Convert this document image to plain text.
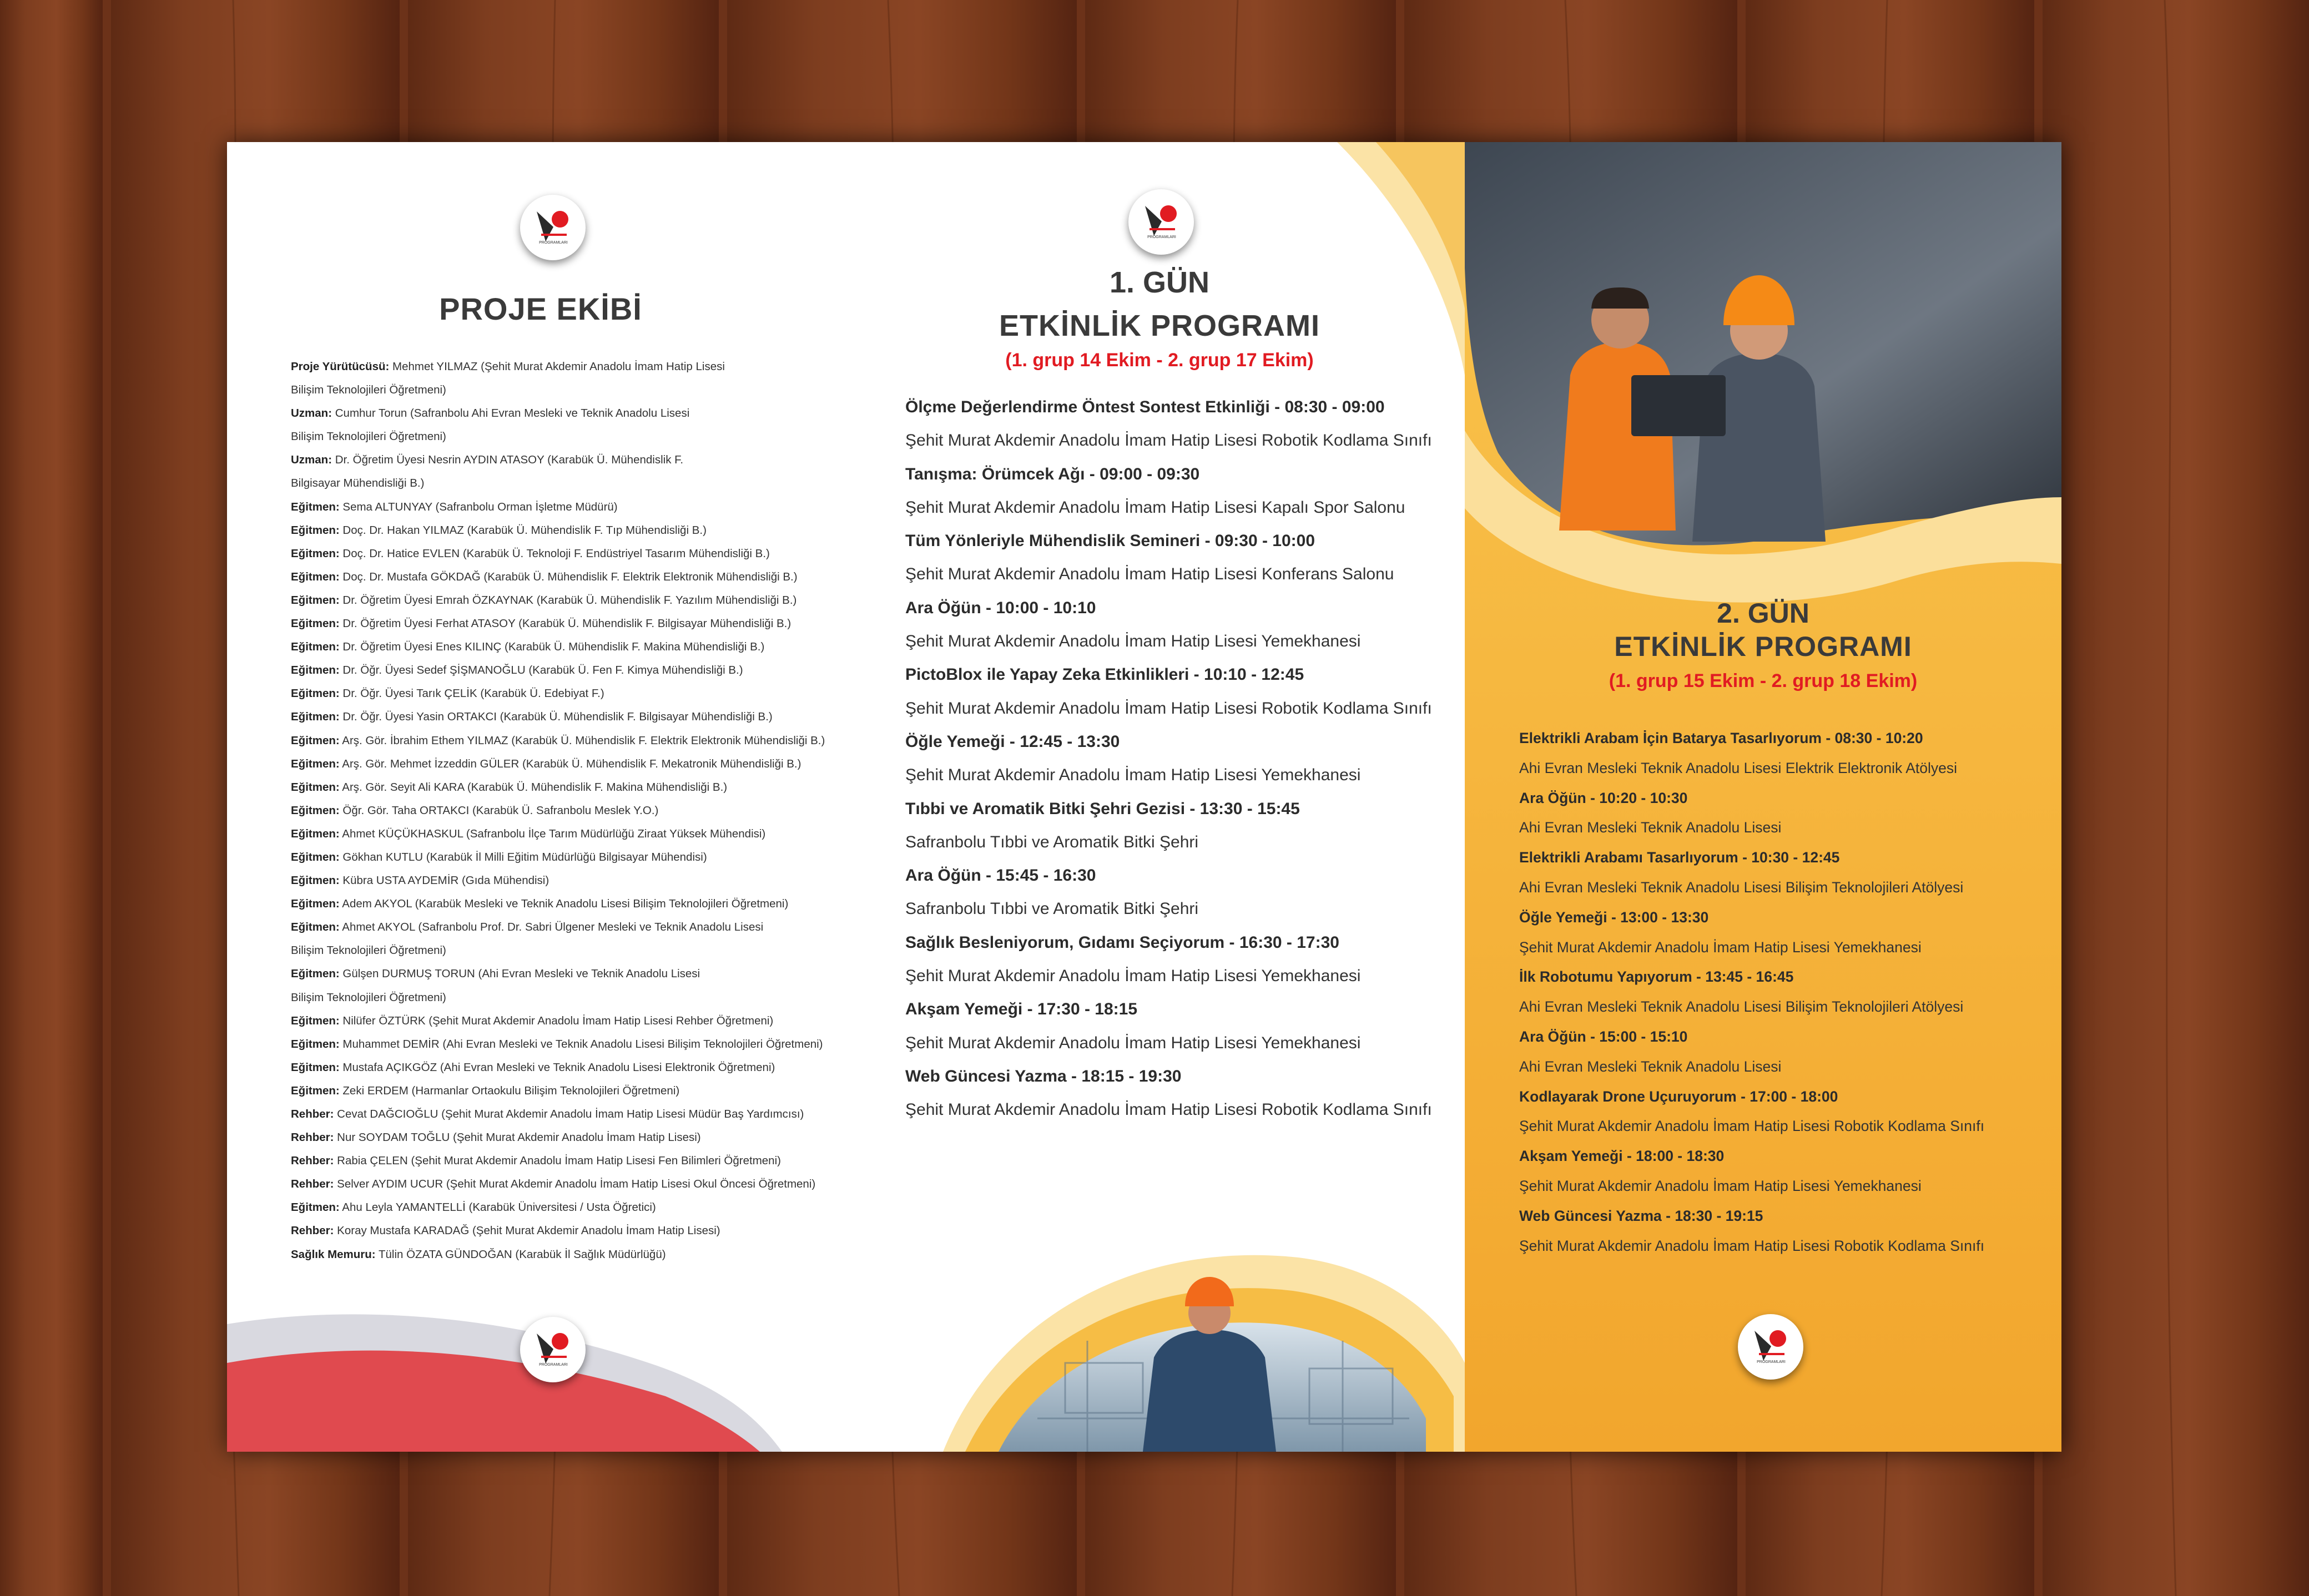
PROGRAMLARI
PROJE EKİBİ
Proje Yürütücüsü: Mehmet YILMAZ (Şehit Murat Akdemir Anadolu İmam Hatip Lisesi
Bilişim Teknolojileri Öğretmeni)
Uzman: Cumhur Torun (Safranbolu Ahi Evran Mesleki ve Teknik Anadolu Lisesi
Bilişim Teknolojileri Öğretmeni)
Uzman: Dr. Öğretim Üyesi Nesrin AYDIN ATASOY (Karabük Ü. Mühendislik F.
Bilgisayar Mühendisliği B.)
Eğitmen: Sema ALTUNYAY (Safranbolu Orman İşletme Müdürü)
Eğitmen: Doç. Dr. Hakan YILMAZ (Karabük Ü. Mühendislik F. Tıp Mühendisliği B.)
Eğitmen: Doç. Dr. Hatice EVLEN (Karabük Ü. Teknoloji F. Endüstriyel Tasarım Mühendisliği B.)
Eğitmen: Doç. Dr. Mustafa GÖKDAĞ (Karabük Ü. Mühendislik F. Elektrik Elektronik Mühendisliği B.)
Eğitmen: Dr. Öğretim Üyesi Emrah ÖZKAYNAK (Karabük Ü. Mühendislik F. Yazılım Mühendisliği B.)
Eğitmen: Dr. Öğretim Üyesi Ferhat ATASOY (Karabük Ü. Mühendislik F. Bilgisayar Mühendisliği B.)
Eğitmen: Dr. Öğretim Üyesi Enes KILINÇ (Karabük Ü. Mühendislik F. Makina Mühendisliği B.)
Eğitmen: Dr. Öğr. Üyesi Sedef ŞİŞMANOĞLU (Karabük Ü. Fen F. Kimya Mühendisliği B.)
Eğitmen: Dr. Öğr. Üyesi Tarık ÇELİK (Karabük Ü. Edebiyat F.)
Eğitmen: Dr. Öğr. Üyesi Yasin ORTAKCI (Karabük Ü. Mühendislik F. Bilgisayar Mühendisliği B.)
Eğitmen: Arş. Gör. İbrahim Ethem YILMAZ (Karabük Ü. Mühendislik F. Elektrik Elektronik Mühendisliği B.)
Eğitmen: Arş. Gör. Mehmet İzzeddin GÜLER (Karabük Ü. Mühendislik F. Mekatronik Mühendisliği B.)
Eğitmen: Arş. Gör. Seyit Ali KARA (Karabük Ü. Mühendislik F. Makina Mühendisliği B.)
Eğitmen: Öğr. Gör. Taha ORTAKCI (Karabük Ü. Safranbolu Meslek Y.O.)
Eğitmen: Ahmet KÜÇÜKHASKUL (Safranbolu İlçe Tarım Müdürlüğü Ziraat Yüksek Mühendisi)
Eğitmen: Gökhan KUTLU (Karabük İl Milli Eğitim Müdürlüğü Bilgisayar Mühendisi)
Eğitmen: Kübra USTA AYDEMİR (Gıda Mühendisi)
Eğitmen: Adem AKYOL (Karabük Mesleki ve Teknik Anadolu Lisesi Bilişim Teknolojileri Öğretmeni)
Eğitmen: Ahmet AKYOL (Safranbolu Prof. Dr. Sabri Ülgener Mesleki ve Teknik Anadolu Lisesi
Bilişim Teknolojileri Öğretmeni)
Eğitmen: Gülşen DURMUŞ TORUN (Ahi Evran Mesleki ve Teknik Anadolu Lisesi
Bilişim Teknolojileri Öğretmeni)
Eğitmen: Nilüfer ÖZTÜRK (Şehit Murat Akdemir Anadolu İmam Hatip Lisesi Rehber Öğretmeni)
Eğitmen: Muhammet DEMİR (Ahi Evran Mesleki ve Teknik Anadolu Lisesi Bilişim Teknolojileri Öğretmeni)
Eğitmen: Mustafa AÇIKGÖZ (Ahi Evran Mesleki ve Teknik Anadolu Lisesi Elektronik Öğretmeni)
Eğitmen: Zeki ERDEM (Harmanlar Ortaokulu Bilişim Teknolojileri Öğretmeni)
Rehber: Cevat DAĞCIOĞLU (Şehit Murat Akdemir Anadolu İmam Hatip Lisesi Müdür Baş Yardımcısı)
Rehber: Nur SOYDAM TOĞLU (Şehit Murat Akdemir Anadolu İmam Hatip Lisesi)
Rehber: Rabia ÇELEN (Şehit Murat Akdemir Anadolu İmam Hatip Lisesi Fen Bilimleri Öğretmeni)
Rehber: Selver AYDIM UCUR (Şehit Murat Akdemir Anadolu İmam Hatip Lisesi Okul Öncesi Öğretmeni)
Eğitmen: Ahu Leyla YAMANTELLİ (Karabük Üniversitesi / Usta Öğretici)
Rehber: Koray Mustafa KARADAĞ (Şehit Murat Akdemir Anadolu İmam Hatip Lisesi)
Sağlık Memuru: Tülin ÖZATA GÜNDOĞAN (Karabük İl Sağlık Müdürlüğü)
PROGRAMLARI
PROGRAMLARI
1. GÜN
ETKİNLİK PROGRAMI
(1. grup 14 Ekim - 2. grup 17 Ekim)
Ölçme Değerlendirme Öntest Sontest Etkinliği - 08:30 - 09:00
Şehit Murat Akdemir Anadolu İmam Hatip Lisesi Robotik Kodlama Sınıfı
Tanışma: Örümcek Ağı - 09:00 - 09:30
Şehit Murat Akdemir Anadolu İmam Hatip Lisesi Kapalı Spor Salonu
Tüm Yönleriyle Mühendislik Semineri - 09:30 - 10:00
Şehit Murat Akdemir Anadolu İmam Hatip Lisesi Konferans Salonu
Ara Öğün - 10:00 - 10:10
Şehit Murat Akdemir Anadolu İmam Hatip Lisesi Yemekhanesi
PictoBlox ile Yapay Zeka Etkinlikleri - 10:10 - 12:45
Şehit Murat Akdemir Anadolu İmam Hatip Lisesi Robotik Kodlama Sınıfı
Öğle Yemeği - 12:45 - 13:30
Şehit Murat Akdemir Anadolu İmam Hatip Lisesi Yemekhanesi
Tıbbi ve Aromatik Bitki Şehri Gezisi - 13:30 - 15:45
Safranbolu Tıbbi ve Aromatik Bitki Şehri
Ara Öğün - 15:45 - 16:30
Safranbolu Tıbbi ve Aromatik Bitki Şehri
Sağlık Besleniyorum, Gıdamı Seçiyorum - 16:30 - 17:30
Şehit Murat Akdemir Anadolu İmam Hatip Lisesi Yemekhanesi
Akşam Yemeği - 17:30 - 18:15
Şehit Murat Akdemir Anadolu İmam Hatip Lisesi Yemekhanesi
Web Güncesi Yazma - 18:15 - 19:30
Şehit Murat Akdemir Anadolu İmam Hatip Lisesi Robotik Kodlama Sınıfı
2. GÜN
ETKİNLİK PROGRAMI
(1. grup 15 Ekim - 2. grup 18 Ekim)
Elektrikli Arabam İçin Batarya Tasarlıyorum - 08:30 - 10:20
Ahi Evran Mesleki Teknik Anadolu Lisesi Elektrik Elektronik Atölyesi
Ara Öğün - 10:20 - 10:30
Ahi Evran Mesleki Teknik Anadolu Lisesi
Elektrikli Arabamı Tasarlıyorum - 10:30 - 12:45
Ahi Evran Mesleki Teknik Anadolu Lisesi Bilişim Teknolojileri Atölyesi
Öğle Yemeği - 13:00 - 13:30
Şehit Murat Akdemir Anadolu İmam Hatip Lisesi Yemekhanesi
İlk Robotumu Yapıyorum - 13:45 - 16:45
Ahi Evran Mesleki Teknik Anadolu Lisesi Bilişim Teknolojileri Atölyesi
Ara Öğün - 15:00 - 15:10
Ahi Evran Mesleki Teknik Anadolu Lisesi
Kodlayarak Drone Uçuruyorum - 17:00 - 18:00
Şehit Murat Akdemir Anadolu İmam Hatip Lisesi Robotik Kodlama Sınıfı
Akşam Yemeği - 18:00 - 18:30
Şehit Murat Akdemir Anadolu İmam Hatip Lisesi Yemekhanesi
Web Güncesi Yazma - 18:30 - 19:15
Şehit Murat Akdemir Anadolu İmam Hatip Lisesi Robotik Kodlama Sınıfı
PROGRAMLARI
